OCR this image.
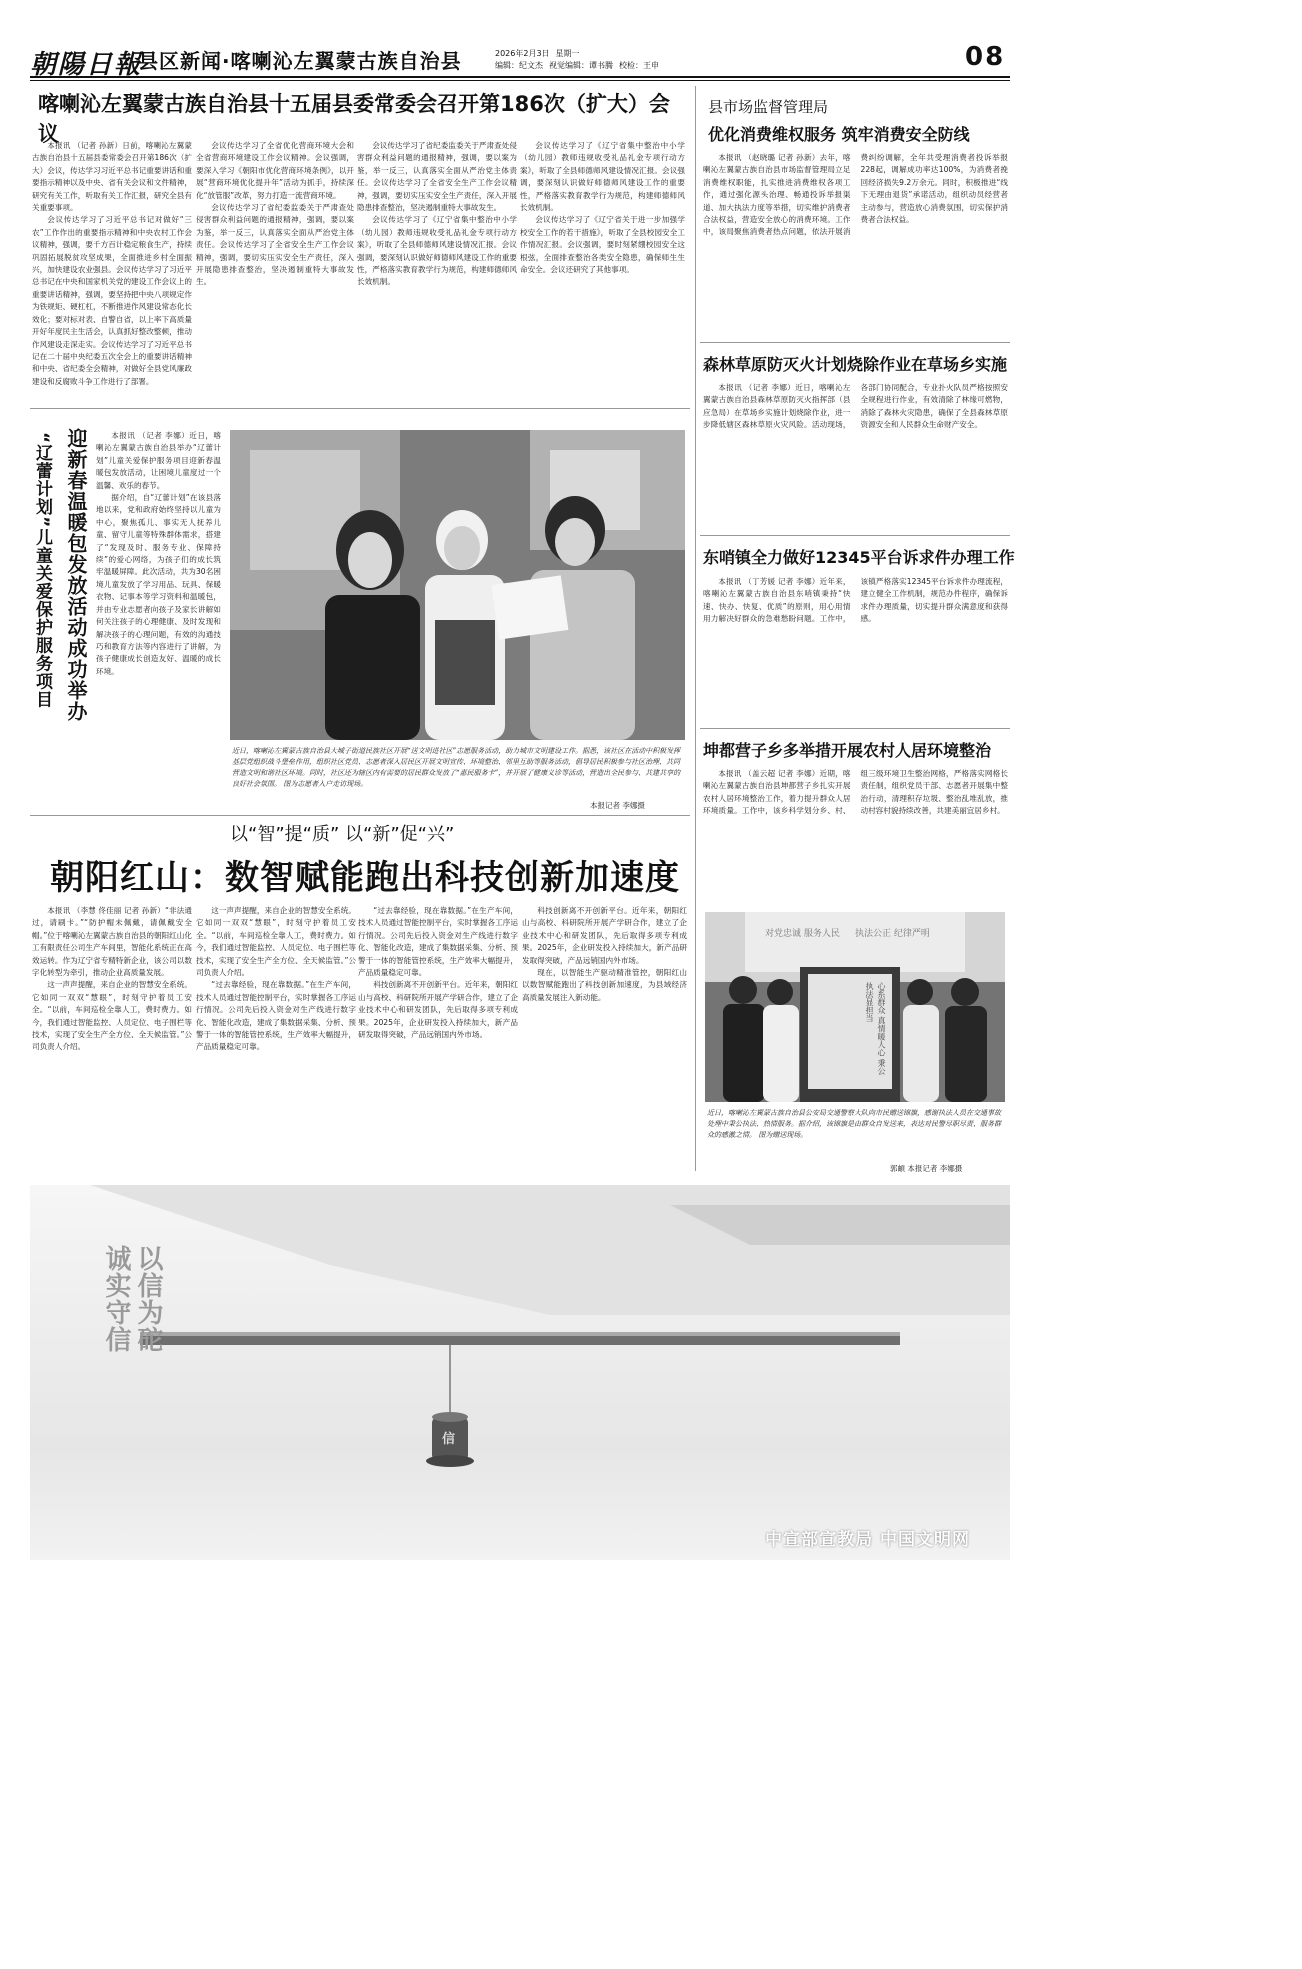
朝陽日報
县区新闻·喀喇沁左翼蒙古族自治县	2026年2月3日 星期一
编辑：纪文杰 视觉编辑：谭书腾 校检：王申	08
喀喇沁左翼蒙古族自治县十五届县委常委会召开第186次（扩大）会议

本报讯 （记者 孙新）日前，喀喇沁左翼蒙古族自治县十五届县委常委会召开第186次（扩大）会议，传达学习习近平总书记重要讲话和重要指示精神以及中央、省有关会议和文件精神，研究有关工作，听取有关工作汇报，研究全县有关重要事项。

会议传达学习了习近平总书记对做好“三农”工作作出的重要指示精神和中央农村工作会议精神，强调，要千方百计稳定粮食生产，持续巩固拓展脱贫攻坚成果，全面推进乡村全面振兴，加快建设农业强县。会议传达学习了习近平总书记在中央和国家机关党的建设工作会议上的重要讲话精神，强调，要坚持把中央八项规定作为铁规矩、硬杠杠，不断推进作风建设常态化长效化；要对标对表、自警自省，以上率下高质量开好年度民主生活会，认真抓好整改整顿，推动作风建设走深走实。会议传达学习了习近平总书记在二十届中央纪委五次全会上的重要讲话精神和中央、省纪委全会精神，对做好全县党风廉政建设和反腐败斗争工作进行了部署。

会议传达学习了全省优化营商环境大会和全省营商环境建设工作会议精神。会议强调，要深入学习《朝阳市优化营商环境条例》，以开展“营商环境优化提升年”活动为抓手，持续深化“放管服”改革，努力打造一流营商环境。

会议传达学习了省纪委监委关于严肃查处侵害群众利益问题的通报精神，强调，要以案为鉴，举一反三，认真落实全面从严治党主体责任。会议传达学习了全省安全生产工作会议精神，强调，要切实压实安全生产责任，深入开展隐患排查整治，坚决遏制重特大事故发生。

会议传达学习了省纪委监委关于严肃查处侵害群众利益问题的通报精神，强调，要以案为鉴，举一反三，认真落实全面从严治党主体责任。会议传达学习了全省安全生产工作会议精神，强调，要切实压实安全生产责任，深入开展隐患排查整治，坚决遏制重特大事故发生。

会议传达学习了《辽宁省集中整治中小学（幼儿园）教师违规收受礼品礼金专项行动方案》，听取了全县师德师风建设情况汇报。会议强调，要深刻认识做好师德师风建设工作的重要性，严格落实教育教学行为规范，构建师德师风长效机制。

会议传达学习了《辽宁省集中整治中小学（幼儿园）教师违规收受礼品礼金专项行动方案》，听取了全县师德师风建设情况汇报。会议强调，要深刻认识做好师德师风建设工作的重要性，严格落实教育教学行为规范，构建师德师风长效机制。

会议传达学习了《辽宁省关于进一步加强学校安全工作的若干措施》，听取了全县校园安全工作情况汇报。会议强调，要时刻紧绷校园安全这根弦，全面排查整治各类安全隐患，确保师生生命安全。会议还研究了其他事项。

迎新春温暖包发放活动成功举办
“辽蕾计划”儿童关爱保护服务项目	本报讯 （记者 李娜）近日，喀喇沁左翼蒙古族自治县举办“辽蕾计划”儿童关爱保护服务项目迎新春温暖包发放活动，让困境儿童度过一个温馨、欢乐的春节。

据介绍，自“辽蕾计划”在该县落地以来，党和政府始终坚持以儿童为中心，聚焦孤儿、事实无人抚养儿童、留守儿童等特殊群体需求，搭建了“发现及时、服务专业、保障持续”的爱心网络，为孩子们的成长筑牢温暖屏障。此次活动，共为30名困境儿童发放了学习用品、玩具、保暖衣物、记事本等学习资料和温暖包，并由专业志愿者向孩子及家长讲解如何关注孩子的心理健康、及时发现和解决孩子的心理问题，有效的沟通技巧和教育方法等内容进行了讲解，为孩子健康成长创造友好、温暖的成长环境。

近日，喀喇沁左翼蒙古族自治县大城子街道民族社区开展“送文明进社区”志愿服务活动，助力城市文明建设工作。据悉，该社区在活动中积极发挥基层党组织战斗堡垒作用，组织社区党员、志愿者深入居民区开展文明宣传、环境整治、邻里互助等服务活动，倡导居民积极参与社区治理、共同营造文明和谐社区环境。同时，社区还为辖区内有需要的居民群众发放了“惠民服务卡”，并开展了健康义诊等活动，营造出全民参与、共建共享的良好社会氛围。 图为志愿者入户走访现场。
本报记者 李娜摄
以“智”提“质” 以“新”促“兴”
朝阳红山：数智赋能跑出科技创新加速度

本报讯 （李慧 佟佳丽 记者 孙新）“非法通过，请刷卡。”“防护帽未佩戴，请佩戴安全帽。”位于喀喇沁左翼蒙古族自治县的朝阳红山化工有限责任公司生产车间里，智能化系统正在高效运转。作为辽宁省专精特新企业，该公司以数字化转型为牵引，推动企业高质量发展。

这一声声提醒，来自企业的智慧安全系统。它如同一双双“慧眼”，时刻守护着员工安全。“以前，车间巡检全靠人工，费时费力。如今，我们通过智能监控、人员定位、电子围栏等技术，实现了安全生产全方位、全天候监管。”公司负责人介绍。

这一声声提醒，来自企业的智慧安全系统。它如同一双双“慧眼”，时刻守护着员工安全。“以前，车间巡检全靠人工，费时费力。如今，我们通过智能监控、人员定位、电子围栏等技术，实现了安全生产全方位、全天候监管。”公司负责人介绍。

“过去靠经验，现在靠数据。”在生产车间，技术人员通过智能控制平台，实时掌握各工序运行情况。公司先后投入资金对生产线进行数字化、智能化改造，建成了集数据采集、分析、预警于一体的智能管控系统，生产效率大幅提升，产品质量稳定可靠。

“过去靠经验，现在靠数据。”在生产车间，技术人员通过智能控制平台，实时掌握各工序运行情况。公司先后投入资金对生产线进行数字化、智能化改造，建成了集数据采集、分析、预警于一体的智能管控系统，生产效率大幅提升，产品质量稳定可靠。

科技创新离不开创新平台。近年来，朝阳红山与高校、科研院所开展产学研合作，建立了企业技术中心和研发团队，先后取得多项专利成果。2025年，企业研发投入持续加大，新产品研发取得突破，产品远销国内外市场。

科技创新离不开创新平台。近年来，朝阳红山与高校、科研院所开展产学研合作，建立了企业技术中心和研发团队，先后取得多项专利成果。2025年，企业研发投入持续加大，新产品研发取得突破，产品远销国内外市场。

现在，以智能生产驱动精准管控，朝阳红山以数智赋能跑出了科技创新加速度，为县域经济高质量发展注入新动能。

县市场监督管理局
优化消费维权服务 筑牢消费安全防线

本报讯 （赵晓璐 记者 孙新）去年，喀喇沁左翼蒙古族自治县市场监督管理局立足消费维权职能，扎实推进消费维权各项工作，通过强化源头治理、畅通投诉举报渠道、加大执法力度等举措，切实维护消费者合法权益，营造安全放心的消费环境。工作中，该局聚焦消费者热点问题，依法开展消费纠纷调解，全年共受理消费者投诉举报228起，调解成功率达100%，为消费者挽回经济损失9.2万余元。同时，积极推进“线下无理由退货”承诺活动，组织动员经营者主动参与，营造放心消费氛围，切实保护消费者合法权益。

森林草原防灭火计划烧除作业在草场乡实施

本报讯 （记者 李娜）近日，喀喇沁左翼蒙古族自治县森林草原防灭火指挥部（县应急局）在草场乡实施计划烧除作业，进一步降低辖区森林草原火灾风险。活动现场，各部门协同配合，专业扑火队员严格按照安全规程进行作业，有效清除了林缘可燃物，消除了森林火灾隐患，确保了全县森林草原资源安全和人民群众生命财产安全。

东哨镇全力做好12345平台诉求件办理工作

本报讯 （丁芳媛 记者 李娜）近年来，喀喇沁左翼蒙古族自治县东哨镇秉持“快速、快办、快复、优质”的原则，用心用情用力解决好群众的急难愁盼问题。工作中，该镇严格落实12345平台诉求件办理流程，建立健全工作机制，规范办件程序，确保诉求件办理质量，切实提升群众满意度和获得感。

坤都营子乡多举措开展农村人居环境整治

本报讯 （盖云超 记者 李娜）近期，喀喇沁左翼蒙古族自治县坤都营子乡扎实开展农村人居环境整治工作，着力提升群众人居环境质量。工作中，该乡科学划分乡、村、组三级环境卫生整治网格，严格落实网格长责任制，组织党员干部、志愿者开展集中整治行动，清理积存垃圾、整治乱堆乱放，推动村容村貌持续改善，共建美丽宜居乡村。

对党忠诚 服务人民 执法公正 纪律严明
心系群众 真情暖人心 秉公执法显担当
近日，喀喇沁左翼蒙古族自治县公安局交通警察大队向市民赠送锦旗，感谢执法人员在交通事故处理中秉公执法、热情服务。据介绍，该锦旗是由群众自发送来，表达对民警尽职尽责、服务群众的感激之情。 图为赠送现场。
郭頔 本报记者 李娜摄
诚实守信 以信为砣
信
中宣部宣教局 中国文明网
